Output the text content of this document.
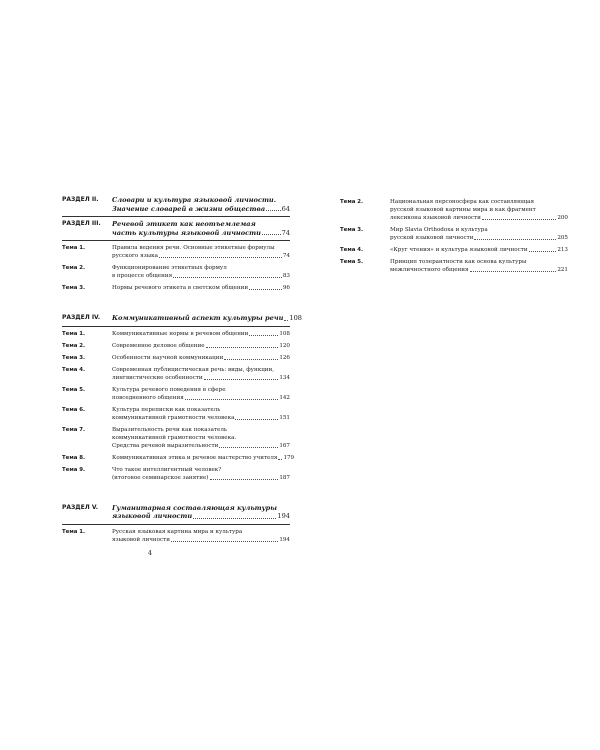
РАЗДЕЛ II.	Словари и культура языковой личности.
Значение словарей в жизни общества 64
РАЗДЕЛ III.	Речевой этикет как неотъемлемая
часть культуры языковой личности	74
Тема 1.	Правила ведения речи. Основные этикетные формулы
русского языка	74
Тема 2.	Функционирование этикетных формул
в процессе общения	83
Тема 3.	Нормы речевого этикета в светском общении	96
РАЗДЕЛ IV.	Коммуникативный аспект культуры речи 108
Тема 1.	Коммуникативные нормы в речевом общении	108
Тема 2.	Современное деловое общение	120
Тема 3.	Особенности научной коммуникации	126
Тема 4.	Современная публицистическая речь: виды, функции,
лингвистические особенности	134
Тема 5.	Культура речевого поведения в сфере
повседневного общения	142
Тема 6.	Культура переписки как показатель
коммуникативной грамотности человека	151
Тема 7.	Выразительность речи как показатель
коммуникативной грамотности человека.
Средства речевой выразительности	167
Тема 8.	Коммуникативная этика и речевое мастерство учителя 179
Тема 9.	Что такое интеллигентный человек?
(итоговое семинарское занятие)	187
РАЗДЕЛ V.	Гуманитарная составляющая культуры
языковой личности	194
Тема 1.	Русская языковая картина мира и культура
языковой личности	194
Тема 2.	Национальная персоносфера как составляющая
русской языковой картины мира и как фрагмент
лексикона языковой личности	200
Тема 3.	Мир Slavia Orthodoxa и культура
русской языковой личности	205
Тема 4.	«Круг чтения» и культура языковой личности	213
Тема 5.	Принцип толерантности как основа культуры
межличностного общения	221
4
